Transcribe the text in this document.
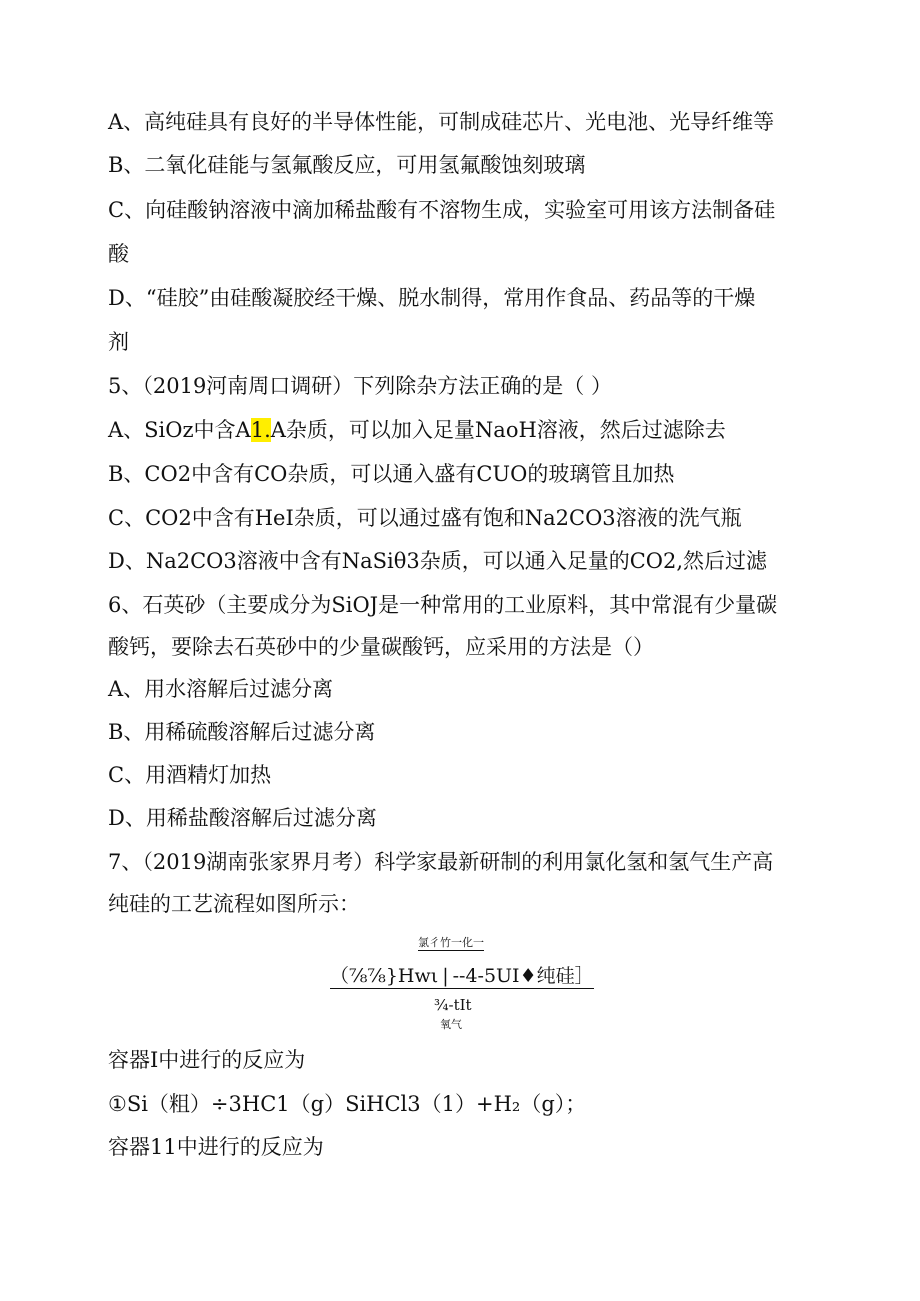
A、高纯硅具有良好的半导体性能，可制成硅芯片、光电池、光导纤维等
B、二氧化硅能与氢氟酸反应，可用氢氟酸蚀刻玻璃
C、向硅酸钠溶液中滴加稀盐酸有不溶物生成，实验室可用该方法制备硅
酸
D、“硅胶”由硅酸凝胶经干燥、脱水制得，常用作食品、药品等的干燥
剂
5、（2019河南周口调研）下列除杂方法正确的是（ ）
A、SiOz中含A1.A杂质，可以加入足量NaoH溶液，然后过滤除去
B、CO2中含有CO杂质，可以通入盛有CUO的玻璃管且加热
C、CO2中含有HeI杂质，可以通过盛有饱和Na2CO3溶液的洗气瓶
D、Na2CO3溶液中含有NaSiθ3杂质，可以通入足量的CO2,然后过滤
6、石英砂（主要成分为SiOJ是一种常用的工业原料，其中常混有少量碳
酸钙，要除去石英砂中的少量碳酸钙，应采用的方法是（）
A、用水溶解后过滤分离
B、用稀硫酸溶解后过滤分离
C、用酒精灯加热
D、用稀盐酸溶解后过滤分离
7、（2019湖南张家界月考）科学家最新研制的利用氯化氢和氢气生产高
纯硅的工艺流程如图所示：
氯彳竹一化一
（⅞⅞}Hwι | --4-5UI♦纯硅］
¾-tIt
氧气
容器I中进行的反应为
①Si（粗）÷3HC1（g）SiHCl3（1）+H₂（g）；
容器11中进行的反应为
